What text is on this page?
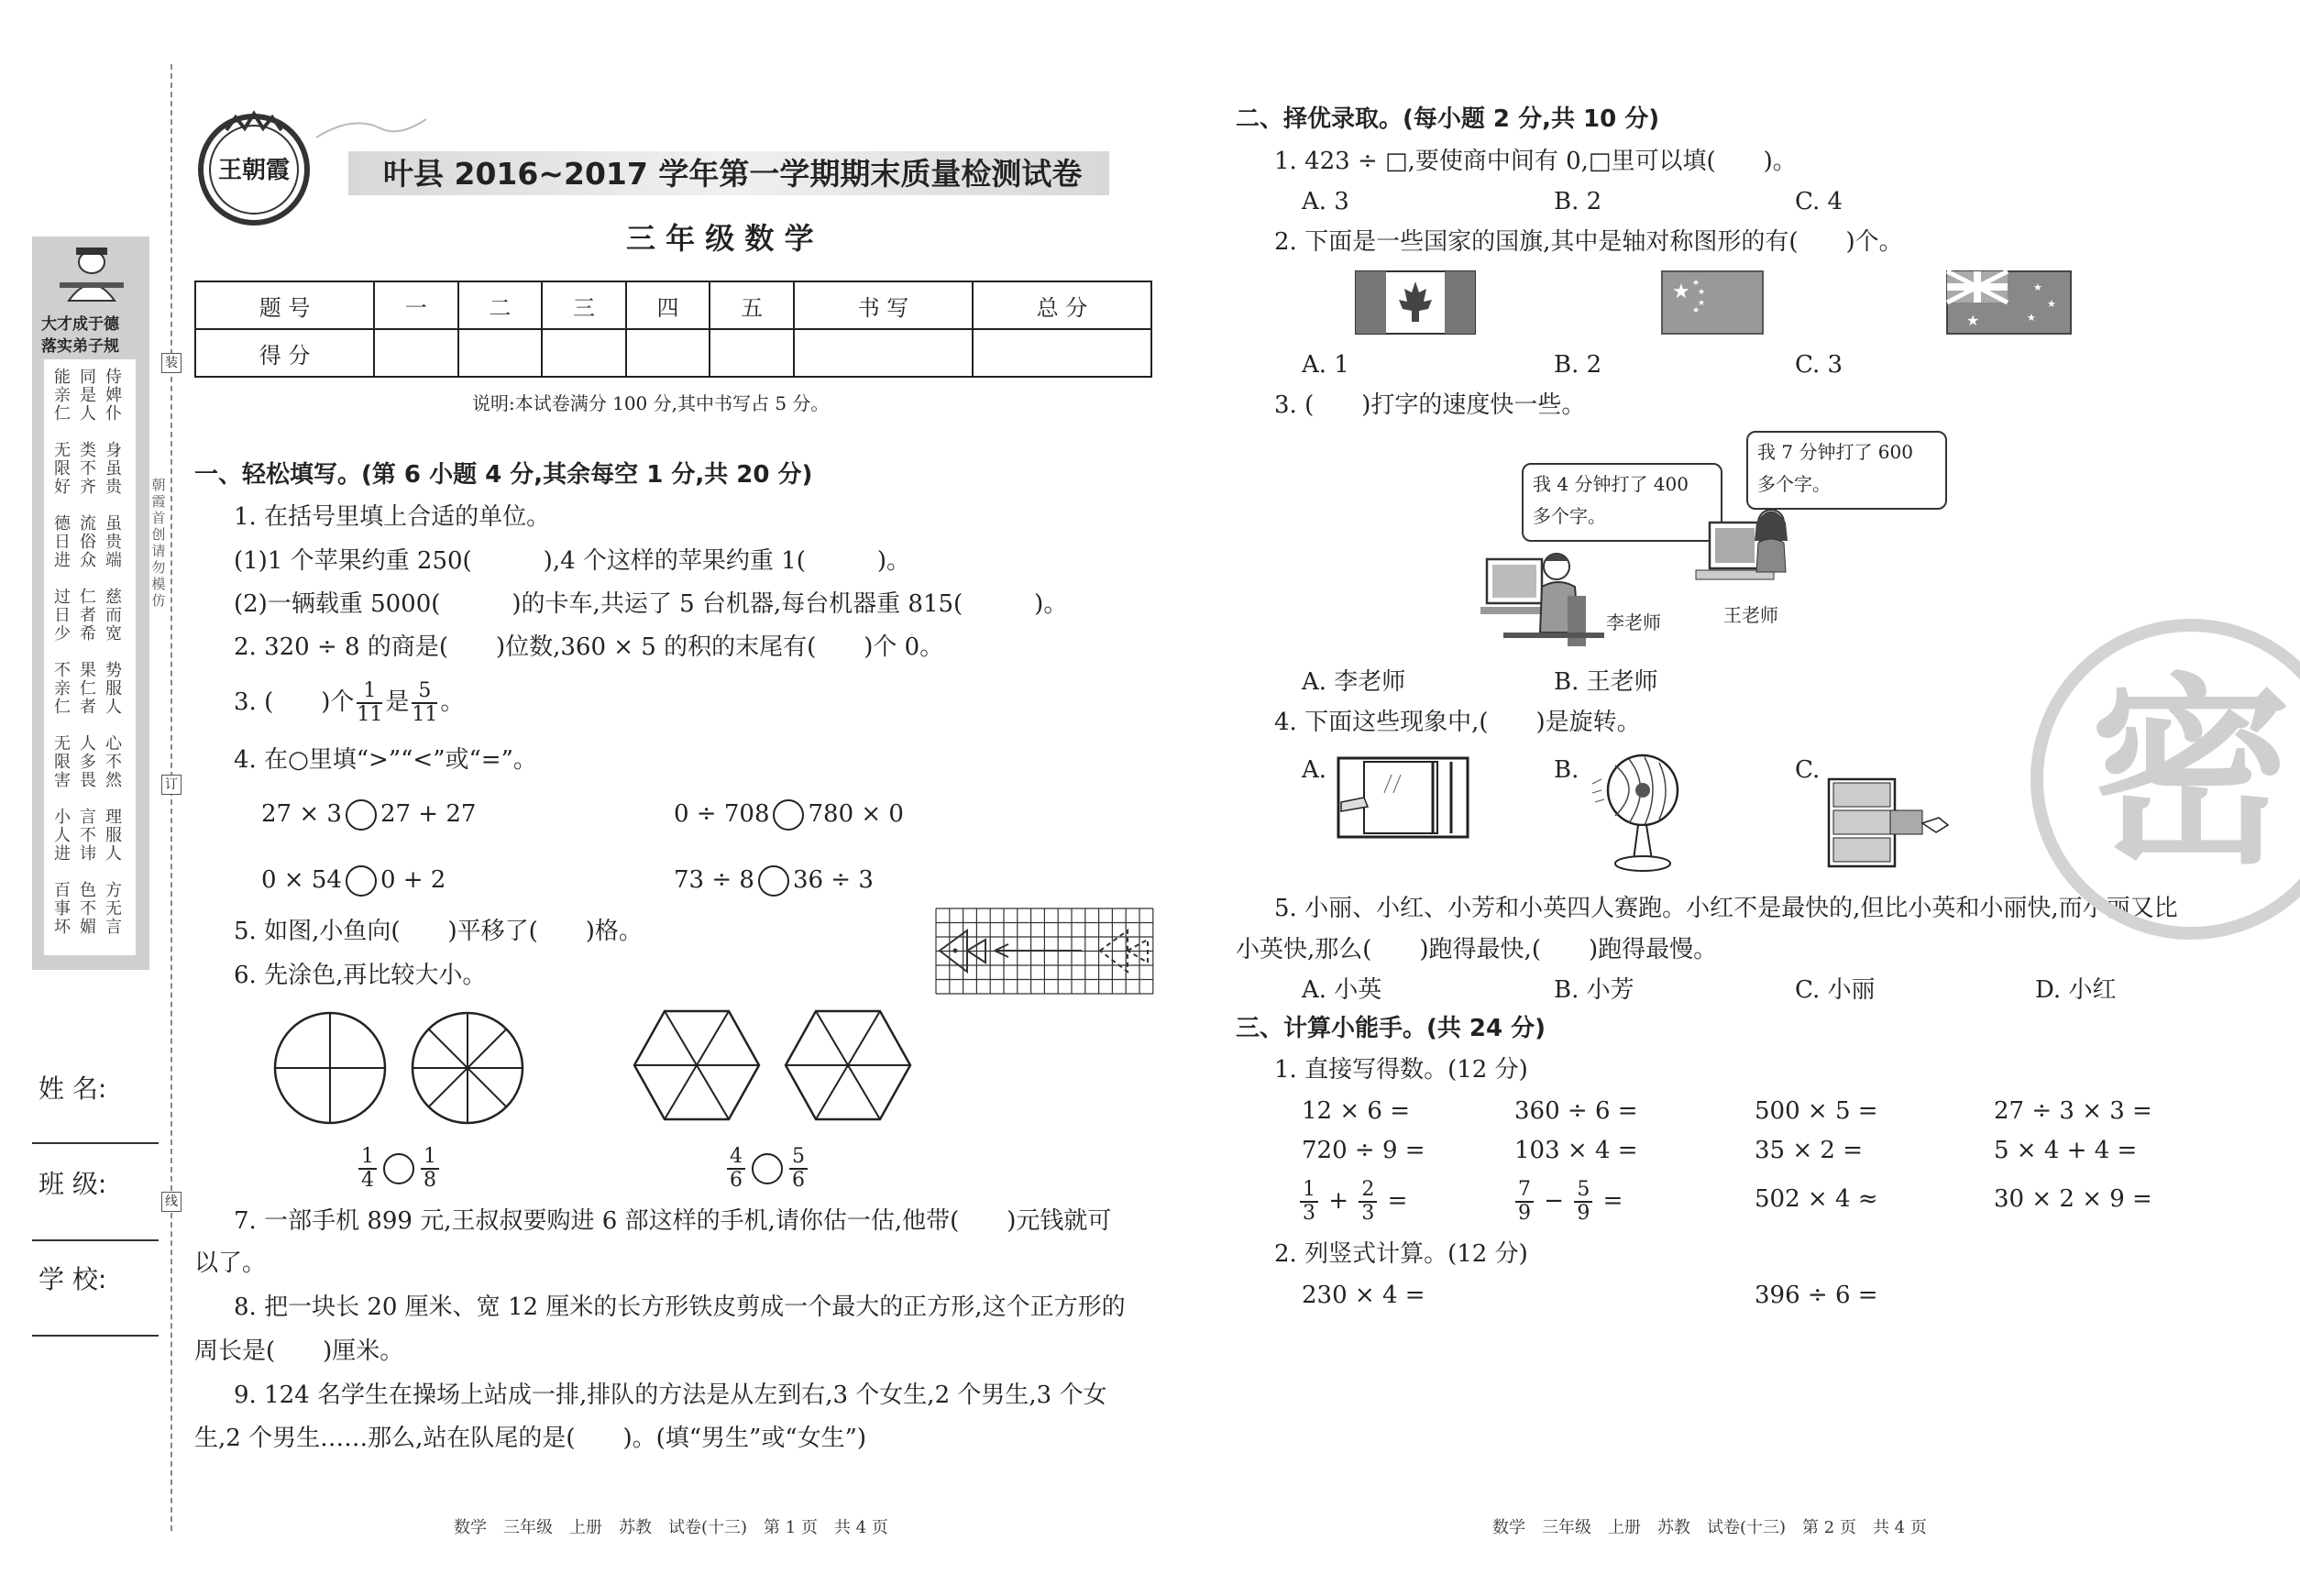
大才成于德
落实弟子规
能亲仁
同是人
侍婢仆
无限好
类不齐
身虽贵
德日进
流俗众
虽贵端
过日少
仁者希
慈而宽
不亲仁
果仁者
势服人
无限害
人多畏
心不然
小人进
言不讳
理服人
百事坏
色不媚
方无言
姓 名:
班 级:
学 校:
朝霞首创 请勿模仿
装
订
线
王朝霞	叶县 2016~2017 学年第一学期期末质量检测试卷
三 年 级 数 学
题 号	一	二	三	四	五	书 写	总 分
得 分							
说明:本试卷满分 100 分,其中书写占 5 分。
一、轻松填写。(第 6 小题 4 分,其余每空 1 分,共 20 分)
1. 在括号里填上合适的单位。
(1)1 个苹果约重 250(　　　),4 个这样的苹果约重 1(　　　)。
(2)一辆载重 5000(　　　)的卡车,共运了 5 台机器,每台机器重 815(　　　)。
2. 320 ÷ 8 的商是(　　)位数,360 × 5 的积的末尾有(　　)个 0。
3. (　　)个 $\frac{1}{11}$ 是 $\frac{5}{11}$ 。
4. 在○里填“>”“<”或“=”。
27 × 3 27 + 27	0 ÷ 708 780 × 0
0 × 54 0 + 2	73 ÷ 8 36 ÷ 3
5. 如图,小鱼向(　　)平移了(　　)格。
6. 先涂色,再比较大小。
$\frac{1}{4} \frac{1}{8}$	$\frac{4}{6} \frac{5}{6}$
7. 一部手机 899 元,王叔叔要购进 6 部这样的手机,请你估一估,他带(　　)元钱就可
以了。
8. 把一块长 20 厘米、宽 12 厘米的长方形铁皮剪成一个最大的正方形,这个正方形的
周长是(　　)厘米。
9. 124 名学生在操场上站成一排,排队的方法是从左到右,3 个女生,2 个男生,3 个女
生,2 个男生……那么,站在队尾的是(　　)。(填“男生”或“女生”)
数学　三年级　上册　苏教　试卷(十三)　第 1 页　共 4 页
二、择优录取。(每小题 2 分,共 10 分)
1. 423 ÷ □,要使商中间有 0,□里可以填(　　)。
A. 3	B. 2	C. 4
2. 下面是一些国家的国旗,其中是轴对称图形的有(　　)个。
★ ★
★
★
★
★
★
★
★
A. 1	B. 2	C. 3
3. (　　)打字的速度快一些。
我 4 分钟打了 400
多个字。
我 7 分钟打了 600
多个字。
李老师	王老师
A. 李老师	B. 王老师
4. 下面这些现象中,(　　)是旋转。
A.	B.	C.
5. 小丽、小红、小芳和小英四人赛跑。小红不是最快的,但比小英和小丽快,而小丽又比
小英快,那么(　　)跑得最快,(　　)跑得最慢。
A. 小英	B. 小芳	C. 小丽	D. 小红
三、计算小能手。(共 24 分)
1. 直接写得数。(12 分)
12 × 6 =	360 ÷ 6 =	500 × 5 =	27 ÷ 3 × 3 =
720 ÷ 9 =	103 × 4 =	35 × 2 =	5 × 4 + 4 =
$\frac{1}{3} + \frac{2}{3}$ =	$\frac{7}{9} - \frac{5}{9}$ =	502 × 4 ≈	30 × 2 × 9 =
2. 列竖式计算。(12 分)
230 × 4 =	396 ÷ 6 =
数学　三年级　上册　苏教　试卷(十三)　第 2 页　共 4 页
密
